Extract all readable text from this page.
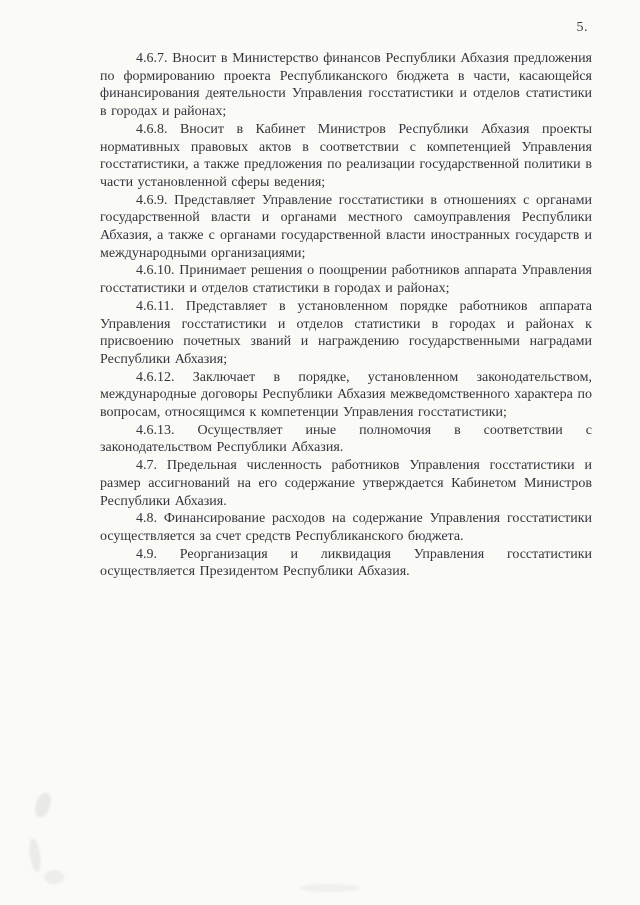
5.

4.6.7. Вносит в Министерство финансов Республики Абхазия предложения по формированию проекта Республиканского бюджета в части, касающейся финансирования деятельности Управления госстатистики и отделов статистики в городах и районах;

4.6.8. Вносит в Кабинет Министров Республики Абхазия проекты нормативных правовых актов в соответствии с компетенцией Управления госстатистики, а также предложения по реализации государственной политики в части установленной сферы ведения;

4.6.9. Представляет Управление госстатистики в отношениях с органами государственной власти и органами местного самоуправления Республики Абхазия, а также с органами государственной власти иностранных государств и международными организациями;

4.6.10. Принимает решения о поощрении работников аппарата Управления госстатистики и отделов статистики в городах и районах;

4.6.11. Представляет в установленном порядке работников аппарата Управления госстатистики и отделов статистики в городах и районах к присвоению почетных званий и награждению государственными наградами Республики Абхазия;

4.6.12. Заключает в порядке, установленном законодательством, международные договоры Республики Абхазия межведомственного характера по вопросам, относящимся к компетенции Управления госстатистики;

4.6.13. Осуществляет иные полномочия в соответствии с законодательством Республики Абхазия.

4.7. Предельная численность работников Управления госстатистики и размер ассигнований на его содержание утверждается Кабинетом Министров Республики Абхазия.

4.8. Финансирование расходов на содержание Управления госстатистики осуществляется за счет средств Республиканского бюджета.

4.9. Реорганизация и ликвидация Управления госстатистики осуществляется Президентом Республики Абхазия.
